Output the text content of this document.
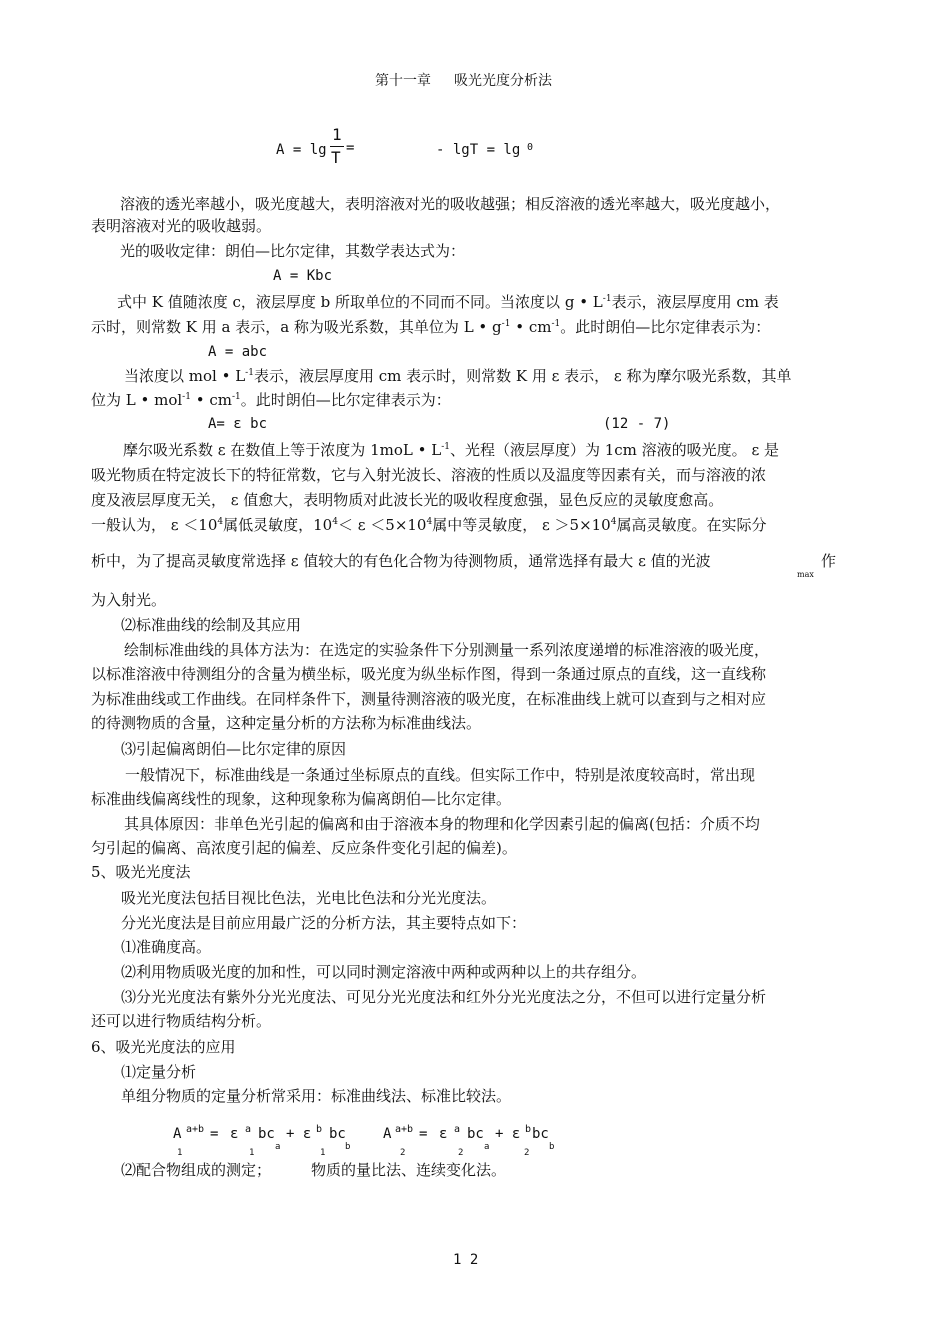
第十一章 吸光光度分析法
A = lg
1
T =	- lgT = lg 0
溶液的透光率越小，吸光度越大，表明溶液对光的吸收越强；相反溶液的透光率越大，吸光度越小，
表明溶液对光的吸收越弱。
光的吸收定律：朗伯—比尔定律，其数学表达式为：
A = Kbc
式中 K 值随浓度 c，液层厚度 b 所取单位的不同而不同。当浓度以 g • $L^{-1}$表示，液层厚度用 cm 表
示时，则常数 K 用 a 表示，a 称为吸光系数，其单位为 L • $g^{-1}$ • $cm^{-1}$。此时朗伯—比尔定律表示为：
A = abc
当浓度以 mol • $L^{-1}$表示，液层厚度用 cm 表示时，则常数 K 用 ε 表示， ε 称为摩尔吸光系数，其单
位为 L • mol$^{-1}$ • $cm^{-1}$。此时朗伯—比尔定律表示为：
A= ε bc	(12 - 7)
摩尔吸光系数 ε 在数值上等于浓度为 1moL • $L^{-1}$、光程（液层厚度）为 1cm 溶液的吸光度。 ε 是
吸光物质在特定波长下的特征常数，它与入射光波长、溶液的性质以及温度等因素有关，而与溶液的浓
度及液层厚度无关， ε 值愈大，表明物质对此波长光的吸收程度愈强，显色反应的灵敏度愈高。
一般认为， $\varepsilon <10^4$属低灵敏度，$10^4< \varepsilon <5\times 10^4$属中等灵敏度， $\varepsilon >5\times 10^4$属高灵敏度。在实际分
析中，为了提高灵敏度常选择 ε 值较大的有色化合物为待测物质，通常选择有最大 ε 值的光波
max
作
为入射光。
⑵标准曲线的绘制及其应用
绘制标准曲线的具体方法为：在选定的实验条件下分别测量一系列浓度递增的标准溶液的吸光度，
以标准溶液中待测组分的含量为横坐标，吸光度为纵坐标作图，得到一条通过原点的直线，这一直线称
为标准曲线或工作曲线。在同样条件下，测量待测溶液的吸光度，在标准曲线上就可以查到与之相对应
的待测物质的含量，这种定量分析的方法称为标准曲线法。
⑶引起偏离朗伯—比尔定律的原因
一般情况下，标准曲线是一条通过坐标原点的直线。但实际工作中，特别是浓度较高时，常出现
标准曲线偏离线性的现象，这种现象称为偏离朗伯—比尔定律。
其具体原因：非单色光引起的偏离和由于溶液本身的物理和化学因素引起的偏离(包括：介质不均
匀引起的偏离、高浓度引起的偏差、反应条件变化引起的偏差)。
5、吸光光度法
吸光光度法包括目视比色法，光电比色法和分光光度法。
分光光度法是目前应用最广泛的分析方法，其主要特点如下：
⑴准确度高。
⑵利用物质吸光度的加和性，可以同时测定溶液中两种或两种以上的共存组分。
⑶分光光度法有紫外分光光度法、可见分光光度法和红外分光光度法之分，不但可以进行定量分析
还可以进行物质结构分析。
6、吸光光度法的应用
⑴定量分析
单组分物质的定量分析常采用：标准曲线法、标准比较法。
A a+b
1
= ε a bc
1
a
+ ε b bc
1
b
A a+b
2
= ε a bc
2
a
+ ε b bc
2
b
⑵配合物组成的测定；	物质的量比法、连续变化法。
1 2
